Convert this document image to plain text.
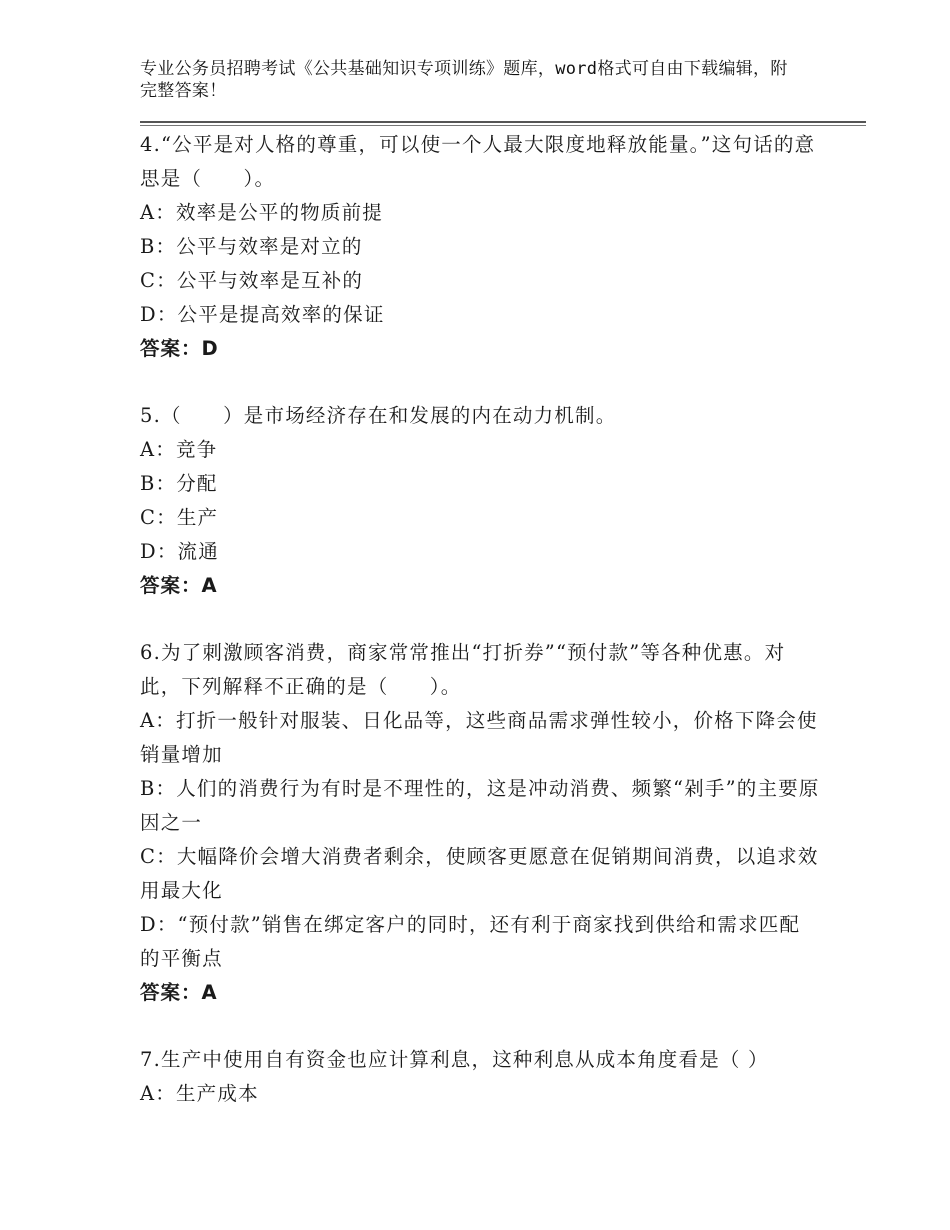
专业公务员招聘考试《公共基础知识专项训练》题库，word格式可自由下载编辑，附完整答案！

4.“公平是对人格的尊重，可以使一个人最大限度地释放能量。”这句话的意思是（　　）。

A：效率是公平的物质前提

B：公平与效率是对立的

C：公平与效率是互补的

D：公平是提高效率的保证

答案：D

5.（　　）是市场经济存在和发展的内在动力机制。

A：竞争

B：分配

C：生产

D：流通

答案：A

6.为了刺激顾客消费，商家常常推出“打折券”“预付款”等各种优惠。对此，下列解释不正确的是（　　）。

A：打折一般针对服装、日化品等，这些商品需求弹性较小，价格下降会使销量增加

B：人们的消费行为有时是不理性的，这是冲动消费、频繁“剁手”的主要原因之一

C：大幅降价会增大消费者剩余，使顾客更愿意在促销期间消费，以追求效用最大化

D：“预付款”销售在绑定客户的同时，还有利于商家找到供给和需求匹配的平衡点

答案：A

7.生产中使用自有资金也应计算利息，这种利息从成本角度看是（ ）

A：生产成本
